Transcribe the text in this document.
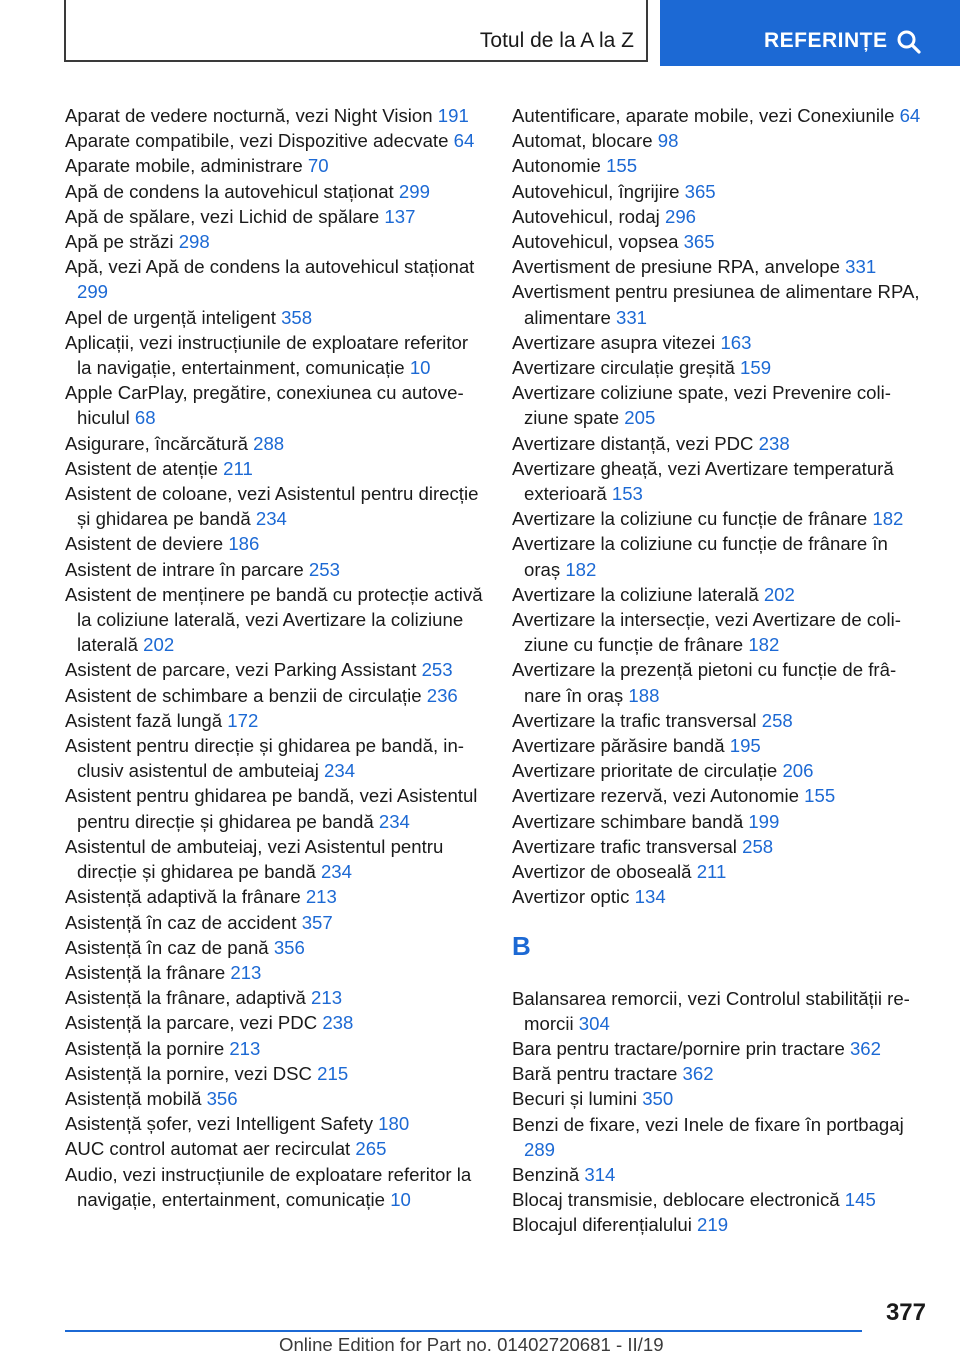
Totul de la A la Z	REFERINȚE
Aparat de vedere nocturnă, vezi Night Vision 191
Aparate compatibile, vezi Dispozitive adecvate 64
Aparate mobile, administrare 70
Apă de condens la autovehicul staționat 299
Apă de spălare, vezi Lichid de spălare 137
Apă pe străzi 298
Apă, vezi Apă de condens la autovehicul staționat 299
Apel de urgență inteligent 358
Aplicații, vezi instrucțiunile de exploatare referitor la navigație, entertainment, comunicație 10
Apple CarPlay, pregătire, conexiunea cu autovehiculul 68
Asigurare, încărcătură 288
Asistent de atenție 211
Asistent de coloane, vezi Asistentul pentru direcție și ghidarea pe bandă 234
Asistent de deviere 186
Asistent de intrare în parcare 253
Asistent de menținere pe bandă cu protecție activă la coliziune laterală, vezi Avertizare la coliziune laterală 202
Asistent de parcare, vezi Parking Assistant 253
Asistent de schimbare a benzii de circulație 236
Asistent fază lungă 172
Asistent pentru direcție și ghidarea pe bandă, inclusiv asistentul de ambuteiaj 234
Asistent pentru ghidarea pe bandă, vezi Asistentul pentru direcție și ghidarea pe bandă 234
Asistentul de ambuteiaj, vezi Asistentul pentru direcție și ghidarea pe bandă 234
Asistență adaptivă la frânare 213
Asistență în caz de accident 357
Asistență în caz de pană 356
Asistență la frânare 213
Asistență la frânare, adaptivă 213
Asistență la parcare, vezi PDC 238
Asistență la pornire 213
Asistență la pornire, vezi DSC 215
Asistență mobilă 356
Asistență șofer, vezi Intelligent Safety 180
AUC control automat aer recirculat 265
Audio, vezi instrucțiunile de exploatare referitor la navigație, entertainment, comunicație 10
Autentificare, aparate mobile, vezi Conexiunile 64
Automat, blocare 98
Autonomie 155
Autovehicul, îngrijire 365
Autovehicul, rodaj 296
Autovehicul, vopsea 365
Avertisment de presiune RPA, anvelope 331
Avertisment pentru presiunea de alimentare RPA, alimentare 331
Avertizare asupra vitezei 163
Avertizare circulație greșită 159
Avertizare coliziune spate, vezi Prevenire coliziune spate 205
Avertizare distanță, vezi PDC 238
Avertizare gheață, vezi Avertizare temperatură exterioară 153
Avertizare la coliziune cu funcție de frânare 182
Avertizare la coliziune cu funcție de frânare în oraș 182
Avertizare la coliziune laterală 202
Avertizare la intersecție, vezi Avertizare de coliziune cu funcție de frânare 182
Avertizare la prezență pietoni cu funcție de frânare în oraș 188
Avertizare la trafic transversal 258
Avertizare părăsire bandă 195
Avertizare prioritate de circulație 206
Avertizare rezervă, vezi Autonomie 155
Avertizare schimbare bandă 199
Avertizare trafic transversal 258
Avertizor de oboseală 211
Avertizor optic 134
B
Balansarea remorcii, vezi Controlul stabilității remorcii 304
Bara pentru tractare/pornire prin tractare 362
Bară pentru tractare 362
Becuri și lumini 350
Benzi de fixare, vezi Inele de fixare în portbagaj 289
Benzină 314
Blocaj transmisie, deblocare electronică 145
Blocajul diferențialului 219
377
Online Edition for Part no. 01402720681 - II/19
